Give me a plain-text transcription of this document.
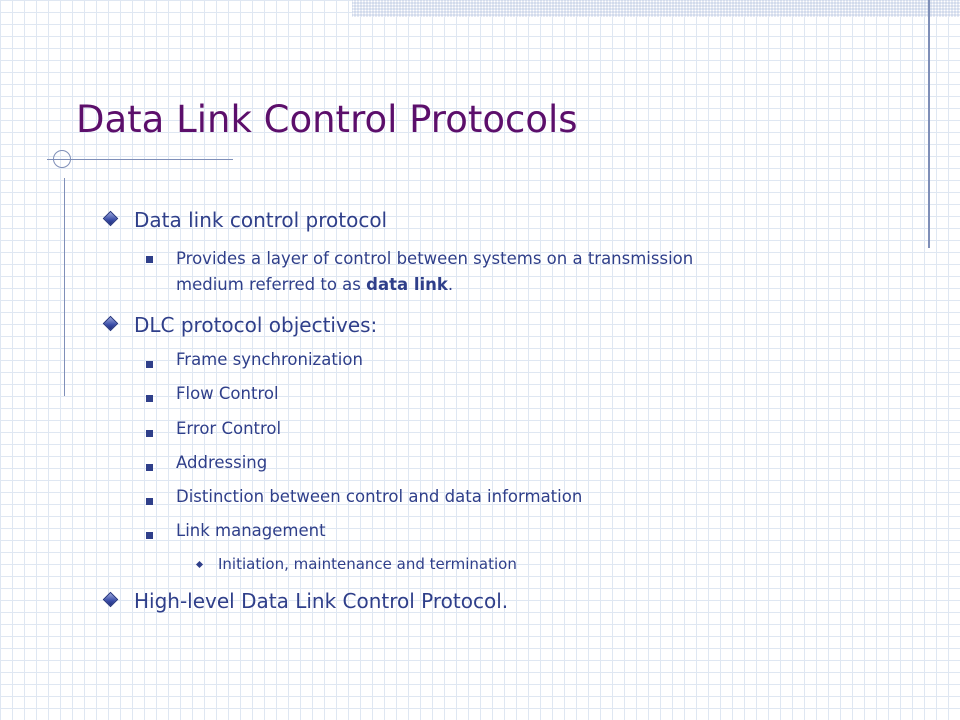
Data Link Control Protocols
Data link control protocol
Provides a layer of control between systems on a transmission
medium referred to as data link.
DLC protocol objectives:
Frame synchronization
Flow Control
Error Control
Addressing
Distinction between control and data information
Link management
Initiation, maintenance and termination
High-level Data Link Control Protocol.
